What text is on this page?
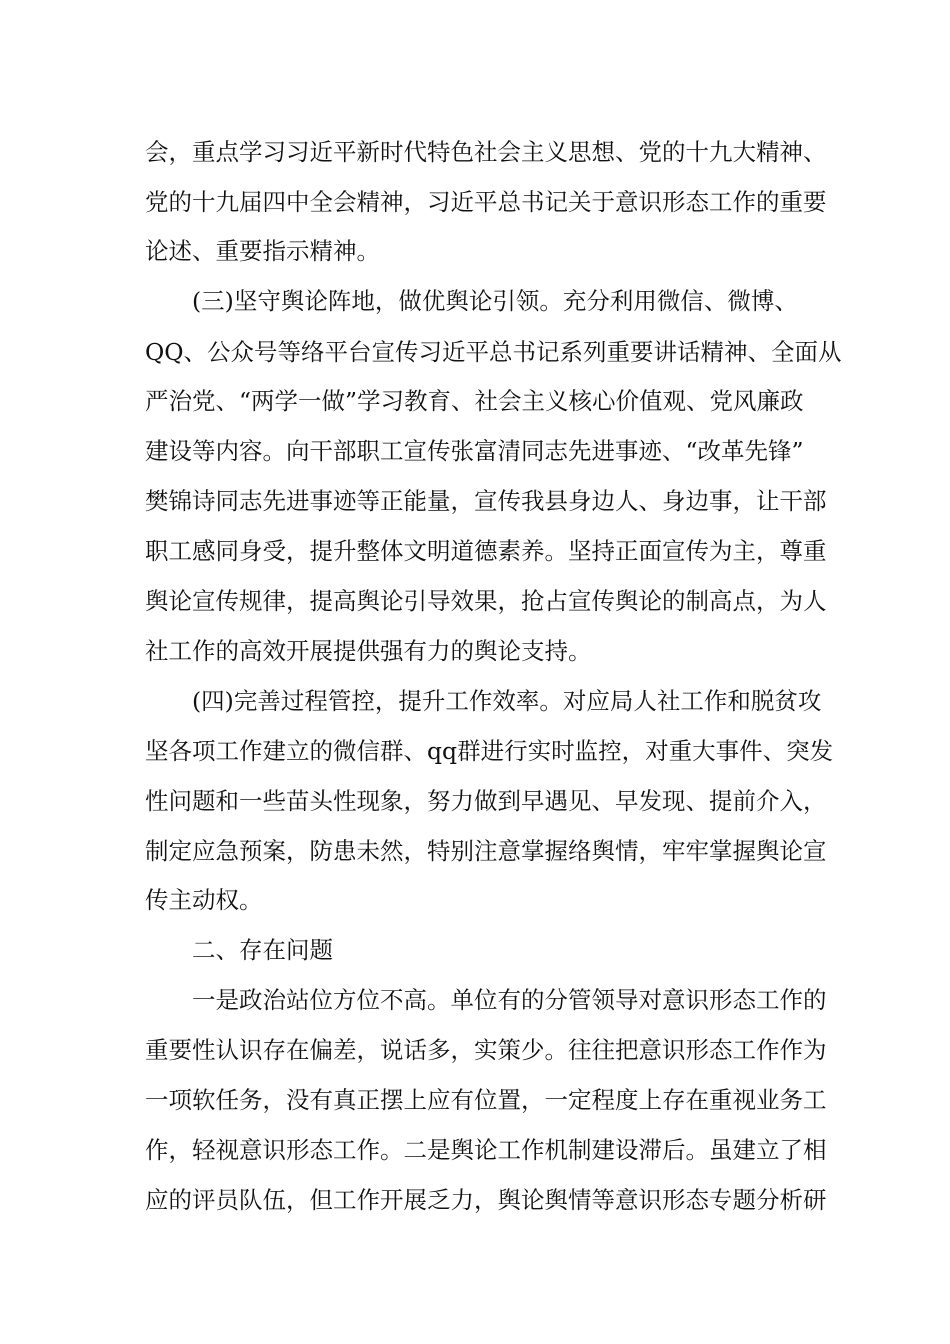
会，重点学习习近平新时代特色社会主义思想、党的十九大精神、
党的十九届四中全会精神，习近平总书记关于意识形态工作的重要
论述、重要指示精神。
(三)坚守舆论阵地，做优舆论引领。充分利用微信、微博、
QQ、公众号等络平台宣传习近平总书记系列重要讲话精神、全面从
严治党、“两学一做”学习教育、社会主义核心价值观、党风廉政
建设等内容。向干部职工宣传张富清同志先进事迹、“改革先锋”
樊锦诗同志先进事迹等正能量，宣传我县身边人、身边事，让干部
职工感同身受，提升整体文明道德素养。坚持正面宣传为主，尊重
舆论宣传规律，提高舆论引导效果，抢占宣传舆论的制高点，为人
社工作的高效开展提供强有力的舆论支持。
(四)完善过程管控，提升工作效率。对应局人社工作和脱贫攻
坚各项工作建立的微信群、qq群进行实时监控，对重大事件、突发
性问题和一些苗头性现象，努力做到早遇见、早发现、提前介入，
制定应急预案，防患未然，特别注意掌握络舆情，牢牢掌握舆论宣
传主动权。
二、存在问题
一是政治站位方位不高。单位有的分管领导对意识形态工作的
重要性认识存在偏差，说话多，实策少。往往把意识形态工作作为
一项软任务，没有真正摆上应有位置，一定程度上存在重视业务工
作，轻视意识形态工作。二是舆论工作机制建设滞后。虽建立了相
应的评员队伍，但工作开展乏力，舆论舆情等意识形态专题分析研
